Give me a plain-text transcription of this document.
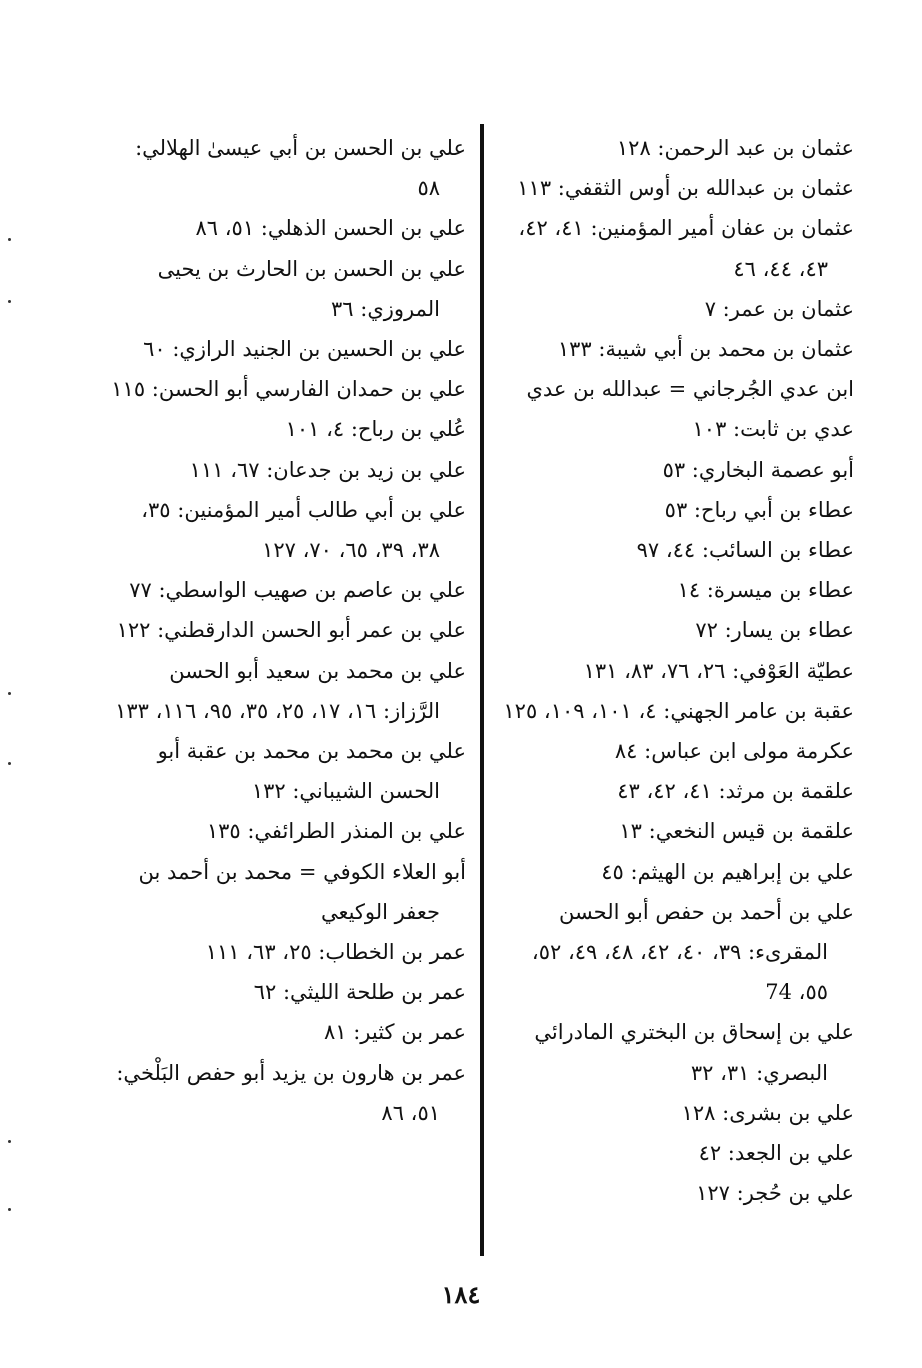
عثمان بن عبد الرحمن: ١٢٨
عثمان بن عبدالله بن أوس الثقفي: ١١٣
عثمان بن عفان أمير المؤمنين: ٤١، ٤٢، ٤٣، ٤٤، ٤٦
عثمان بن عمر: ٧
عثمان بن محمد بن أبي شيبة: ١٣٣
ابن عدي الجُرجاني = عبدالله بن عدي
عدي بن ثابت: ١٠٣
أبو عصمة البخاري: ٥٣
عطاء بن أبي رباح: ٥٣
عطاء بن السائب: ٤٤، ٩٧
عطاء بن ميسرة: ١٤
عطاء بن يسار: ٧٢
عطيّة العَوْفي: ٢٦، ٧٦، ٨٣، ١٣١
عقبة بن عامر الجهني: ٤، ١٠١، ١٠٩، ١٢٥
عكرمة مولى ابن عباس: ٨٤
علقمة بن مرثد: ٤١، ٤٢، ٤٣
علقمة بن قيس النخعي: ١٣
علي بن إبراهيم بن الهيثم: ٤٥
علي بن أحمد بن حفص أبو الحسن المقرىء: ٣٩، ٤٠، ٤٢، ٤٨، ٤٩، ٥٢، ٥٥، 74
علي بن إسحاق بن البختري المادرائي البصري: ٣١، ٣٢
علي بن بشرى: ١٢٨
علي بن الجعد: ٤٢
علي بن حُجر: ١٢٧
علي بن الحسن بن أبي عيسىٰ الهلالي: ٥٨
علي بن الحسن الذهلي: ٥١، ٨٦
علي بن الحسن بن الحارث بن يحيى المروزي: ٣٦
علي بن الحسين بن الجنيد الرازي: ٦٠
علي بن حمدان الفارسي أبو الحسن: ١١٥
عُلي بن رباح: ٤، ١٠١
علي بن زيد بن جدعان: ٦٧، ١١١
علي بن أبي طالب أمير المؤمنين: ٣٥، ٣٨، ٣٩، ٦٥، ٧٠، ١٢٧
علي بن عاصم بن صهيب الواسطي: ٧٧
علي بن عمر أبو الحسن الدارقطني: ١٢٢
علي بن محمد بن سعيد أبو الحسن الرَّزاز: ١٦، ١٧، ٢٥، ٣٥، ٩٥، ١١٦، ١٣٣
علي بن محمد بن محمد بن عقبة أبو الحسن الشيباني: ١٣٢
علي بن المنذر الطرائفي: ١٣٥
أبو العلاء الكوفي = محمد بن أحمد بن جعفر الوكيعي
عمر بن الخطاب: ٢٥، ٦٣، ١١١
عمر بن طلحة الليثي: ٦٢
عمر بن كثير: ٨١
عمر بن هارون بن يزيد أبو حفص البَلْخي: ٥١، ٨٦
١٨٤
